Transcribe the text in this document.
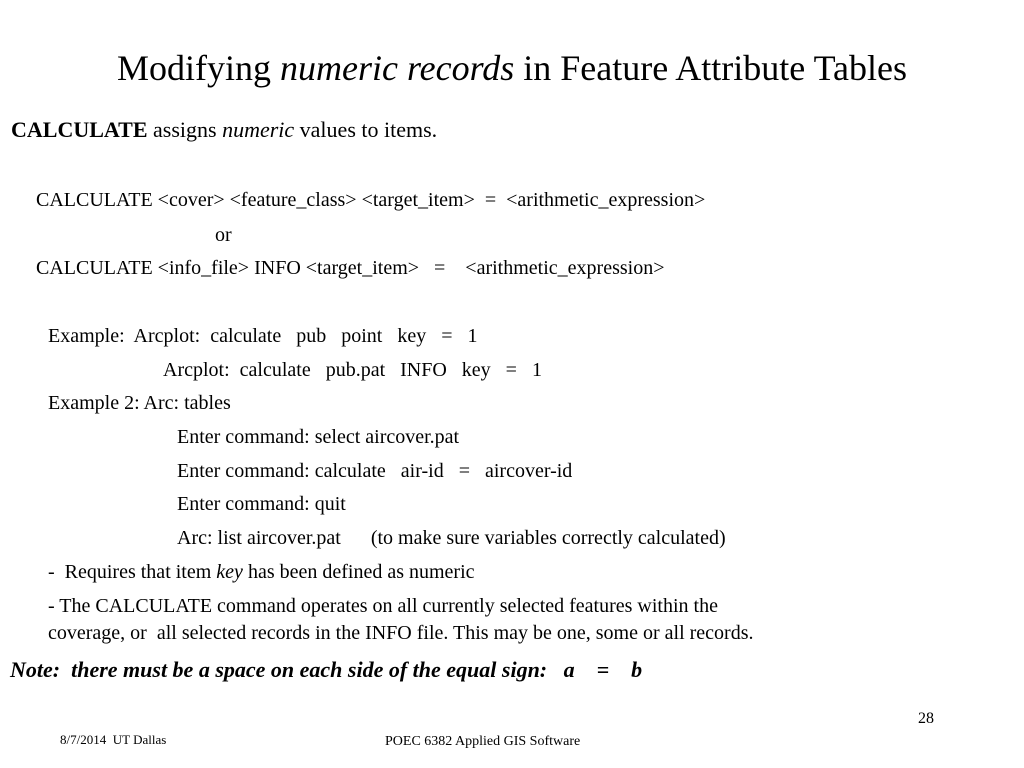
Modifying numeric records in Feature Attribute Tables
CALCULATE assigns numeric values to items.
CALCULATE <cover> <feature_class> <target_item>  =  <arithmetic_expression>
or
CALCULATE <info_file> INFO <target_item>   =    <arithmetic_expression>
Example:  Arcplot:  calculate   pub   point   key   =   1
Arcplot:  calculate   pub.pat   INFO   key   =   1
Example 2: Arc: tables
Enter command: select aircover.pat
Enter command: calculate   air-id   =   aircover-id
Enter command: quit
Arc: list aircover.pat      (to make sure variables correctly calculated)
-  Requires that item key has been defined as numeric
- The CALCULATE command operates on all currently selected features within the
coverage, or  all selected records in the INFO file. This may be one, some or all records.
Note:  there must be a space on each side of the equal sign:   a    =    b
8/7/2014  UT Dallas	POEC 6382 Applied GIS Software
28
